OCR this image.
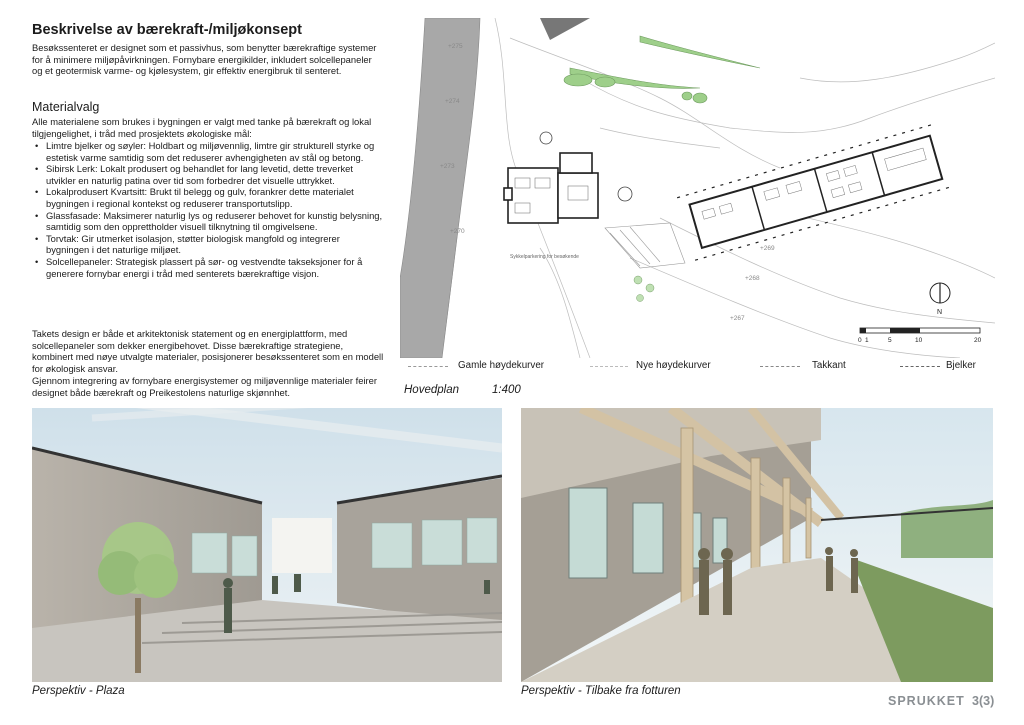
Beskrivelse av bærekraft-/miljøkonsept

Besøkssenteret er designet som et passivhus, som benytter bærekraftige systemer for å minimere miljøpåvirkningen. Fornybare energikilder, inkludert solcellepaneler og et geotermisk varme- og kjølesystem, gir effektiv energibruk til senteret.

Materialvalg

Alle materialene som brukes i bygningen er valgt med tanke på bærekraft og lokal tilgjengelighet, i tråd med prosjektets økologiske mål:

• Limtre bjelker og søyler: Holdbart og miljøvennlig, limtre gir strukturell styrke og estetisk varme samtidig som det reduserer avhengigheten av stål og betong.
• Sibirsk Lerk: Lokalt produsert og behandlet for lang levetid, dette treverket utvikler en naturlig patina over tid som forbedrer det visuelle uttrykket.
• Lokalprodusert Kvartsitt: Brukt til belegg og gulv, forankrer dette materialet bygningen i regional kontekst og reduserer transportutslipp.
• Glassfasade: Maksimerer naturlig lys og reduserer behovet for kunstig belysning, samtidig som den opprettholder visuell tilknytning til omgivelsene.
• Torvtak: Gir utmerket isolasjon, støtter biologisk mangfold og integrerer bygningen i det naturlige miljøet.
• Solcellepaneler: Strategisk plassert på sør- og vestvendte takseksjoner for å generere fornybar energi i tråd med senterets bærekraftige visjon.

Takets design er både et arkitektonisk statement og en energiplattform, med solcellepaneler som dekker energibehovet. Disse bærekraftige strategiene, kombinert med nøye utvalgte materialer, posisjonerer besøkssenteret som en modell for økologisk ansvar.

Gjennom integrering av fornybare energisystemer og miljøvennlige materialer feirer designet både bærekraft og Preikestolens naturlige skjønnhet.

Sykkelparkering for besøkende
+275
+274
+273
+270
+269
+268
+267
N
0 1	5	10	20
Gamle høydekurver	Nye høydekurver	Takkant	Bjelker
Hovedplan	1:400
Perspektiv - Plaza	Perspektiv - Tilbake fra fotturen
SPRUKKET 3(3)
